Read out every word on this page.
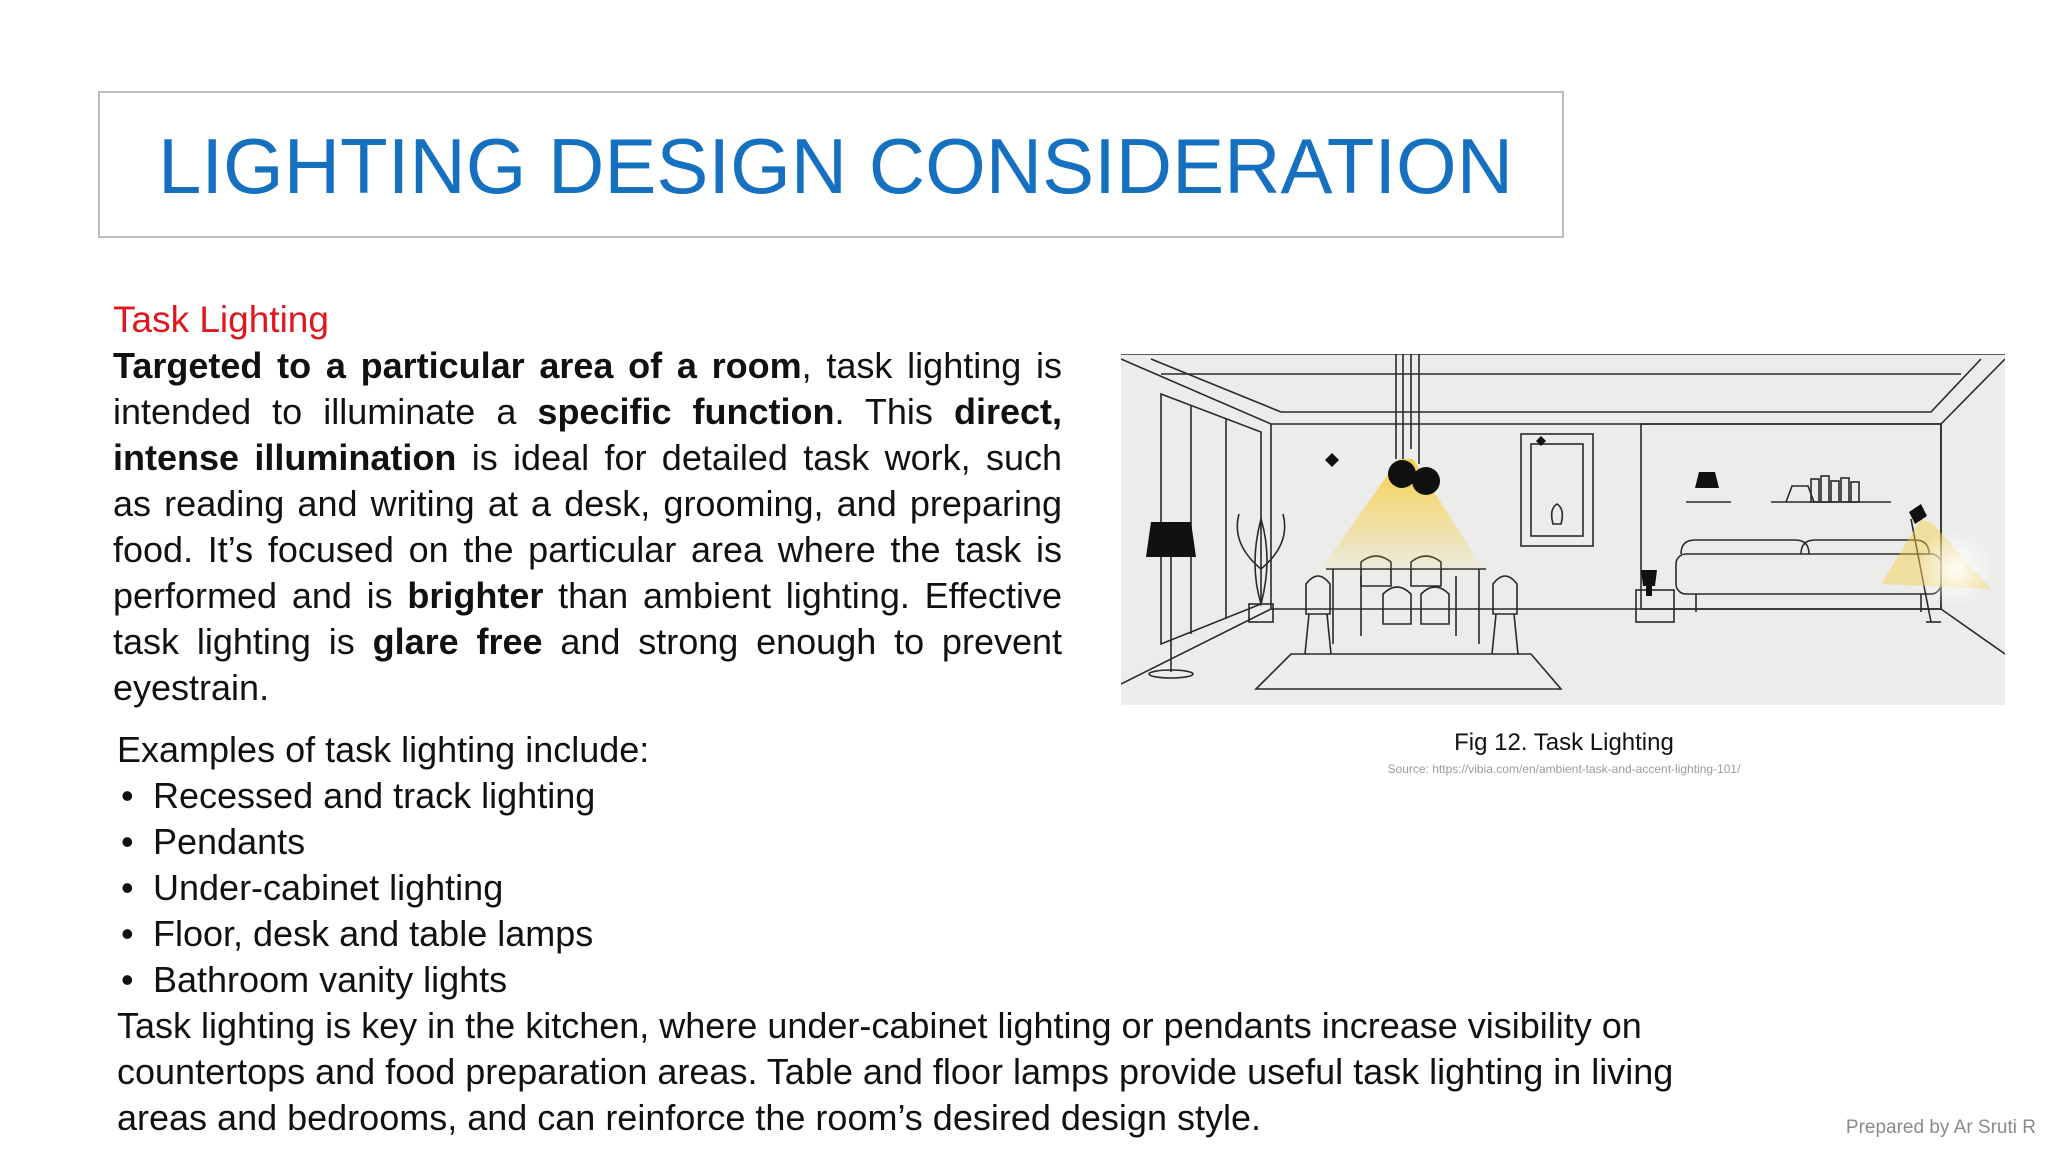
LIGHTING DESIGN CONSIDERATION
Task Lighting
Targeted to a particular area of a room, task lighting is intended to illuminate a specific function. This direct, intense illumination is ideal for detailed task work, such as reading and writing at a desk, grooming, and preparing food. It’s focused on the particular area where the task is performed and is brighter than ambient lighting. Effective task lighting is glare free and strong enough to prevent eyestrain.
Examples of task lighting include:
• Recessed and track lighting
• Pendants
• Under-cabinet lighting
• Floor, desk and table lamps
• Bathroom vanity lights
Task lighting is key in the kitchen, where under-cabinet lighting or pendants increase visibility on countertops and food preparation areas. Table and floor lamps provide useful task lighting in living areas and bedrooms, and can reinforce the room’s desired design style.
Fig 12. Task Lighting
Source: https://vibia.com/en/ambient-task-and-accent-lighting-101/
Prepared by Ar Sruti R
